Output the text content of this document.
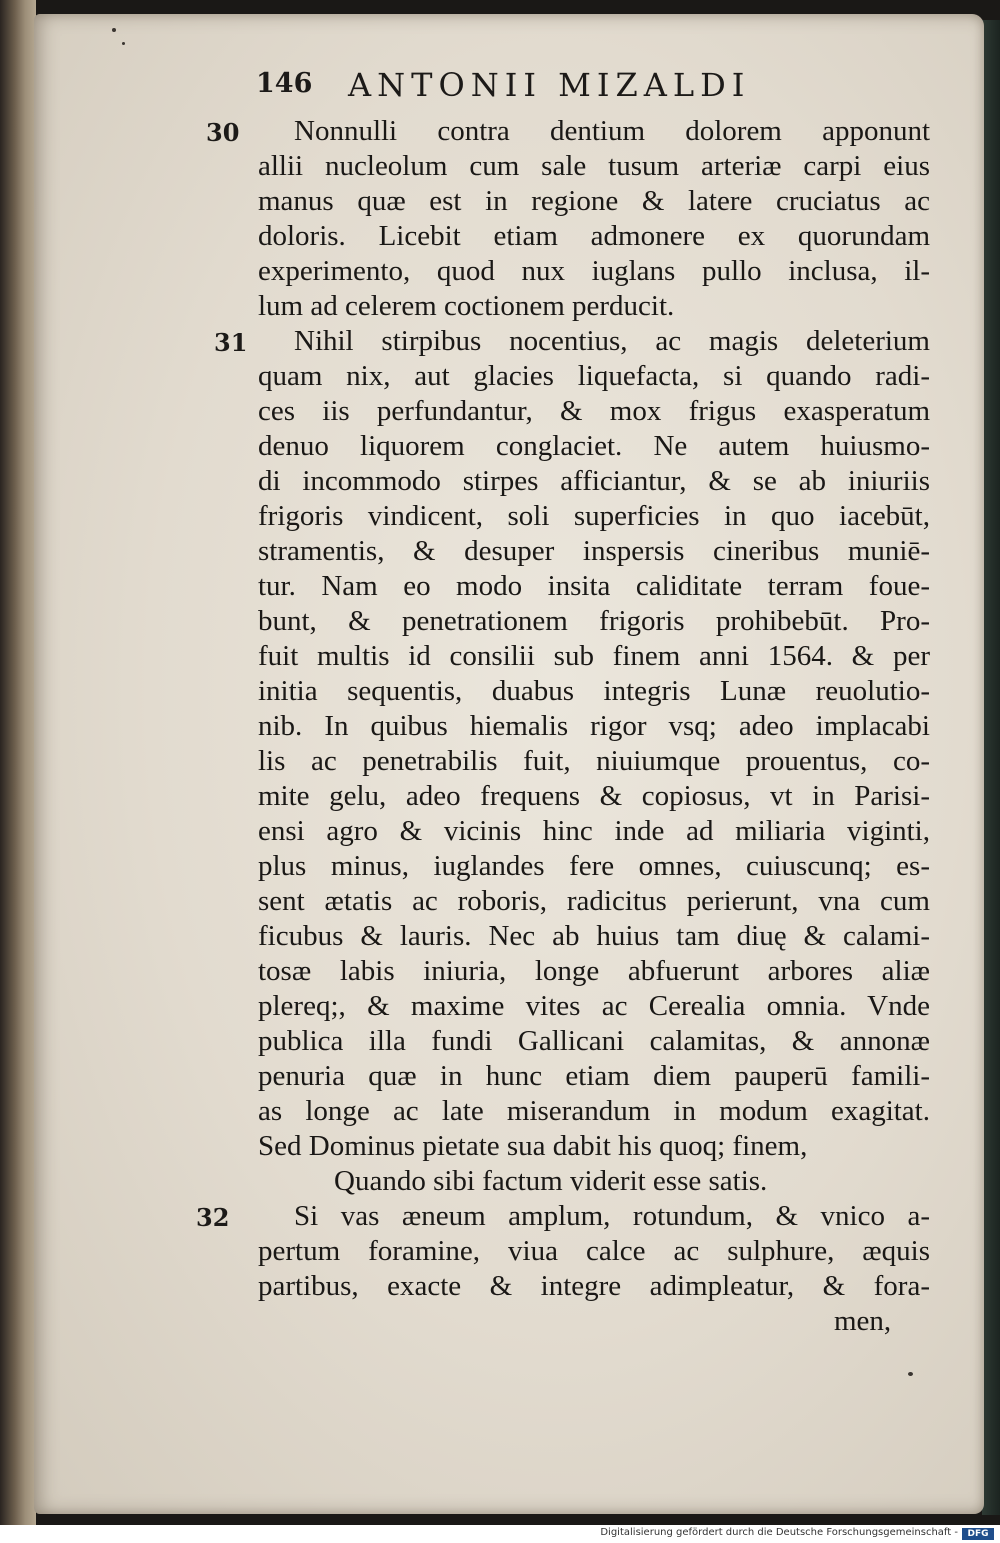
146 ANTONII MIZALDI
30 Nonnulli contra dentium dolorem apponunt
allii nucleolum cum sale tusum arteriæ carpi eius
manus quæ est in regione & latere cruciatus ac
doloris. Licebit etiam admonere ex quorundam
experimento, quod nux iuglans pullo inclusa, il-
lum ad celerem coctionem perducit.
31 Nihil stirpibus nocentius, ac magis deleterium
quam nix, aut glacies liquefacta, si quando radi-
ces iis perfundantur, & mox frigus exasperatum
denuo liquorem conglaciet. Ne autem huiusmo-
di incommodo stirpes afficiantur, & se ab iniuriis
frigoris vindicent, soli superficies in quo iacebūt,
stramentis, & desuper inspersis cineribus muniē-
tur. Nam eo modo insita caliditate terram foue-
bunt, & penetrationem frigoris prohibebūt. Pro-
fuit multis id consilii sub finem anni 1564. & per
initia sequentis, duabus integris Lunæ reuolutio-
nib. In quibus hiemalis rigor vsq; adeo implacabi
lis ac penetrabilis fuit, niuiumque prouentus, co-
mite gelu, adeo frequens & copiosus, vt in Parisi-
ensi agro & vicinis hinc inde ad miliaria viginti,
plus minus, iuglandes fere omnes, cuiuscunq; es-
sent ætatis ac roboris, radicitus perierunt, vna cum
ficubus & lauris. Nec ab huius tam diuę & calami-
tosæ labis iniuria, longe abfuerunt arbores aliæ
plereq;, & maxime vites ac Cerealia omnia. Vnde
publica illa fundi Gallicani calamitas, & annonæ
penuria quæ in hunc etiam diem pauperū famili-
as longe ac late miserandum in modum exagitat.
Sed Dominus pietate sua dabit his quoq; finem,
Quando sibi factum viderit esse satis.
32 Si vas æneum amplum, rotundum, & vnico a-
pertum foramine, viua calce ac sulphure, æquis
partibus, exacte & integre adimpleatur, & fora-
men,
Digitalisierung gefördert durch die Deutsche Forschungsgemeinschaft -	DFG
